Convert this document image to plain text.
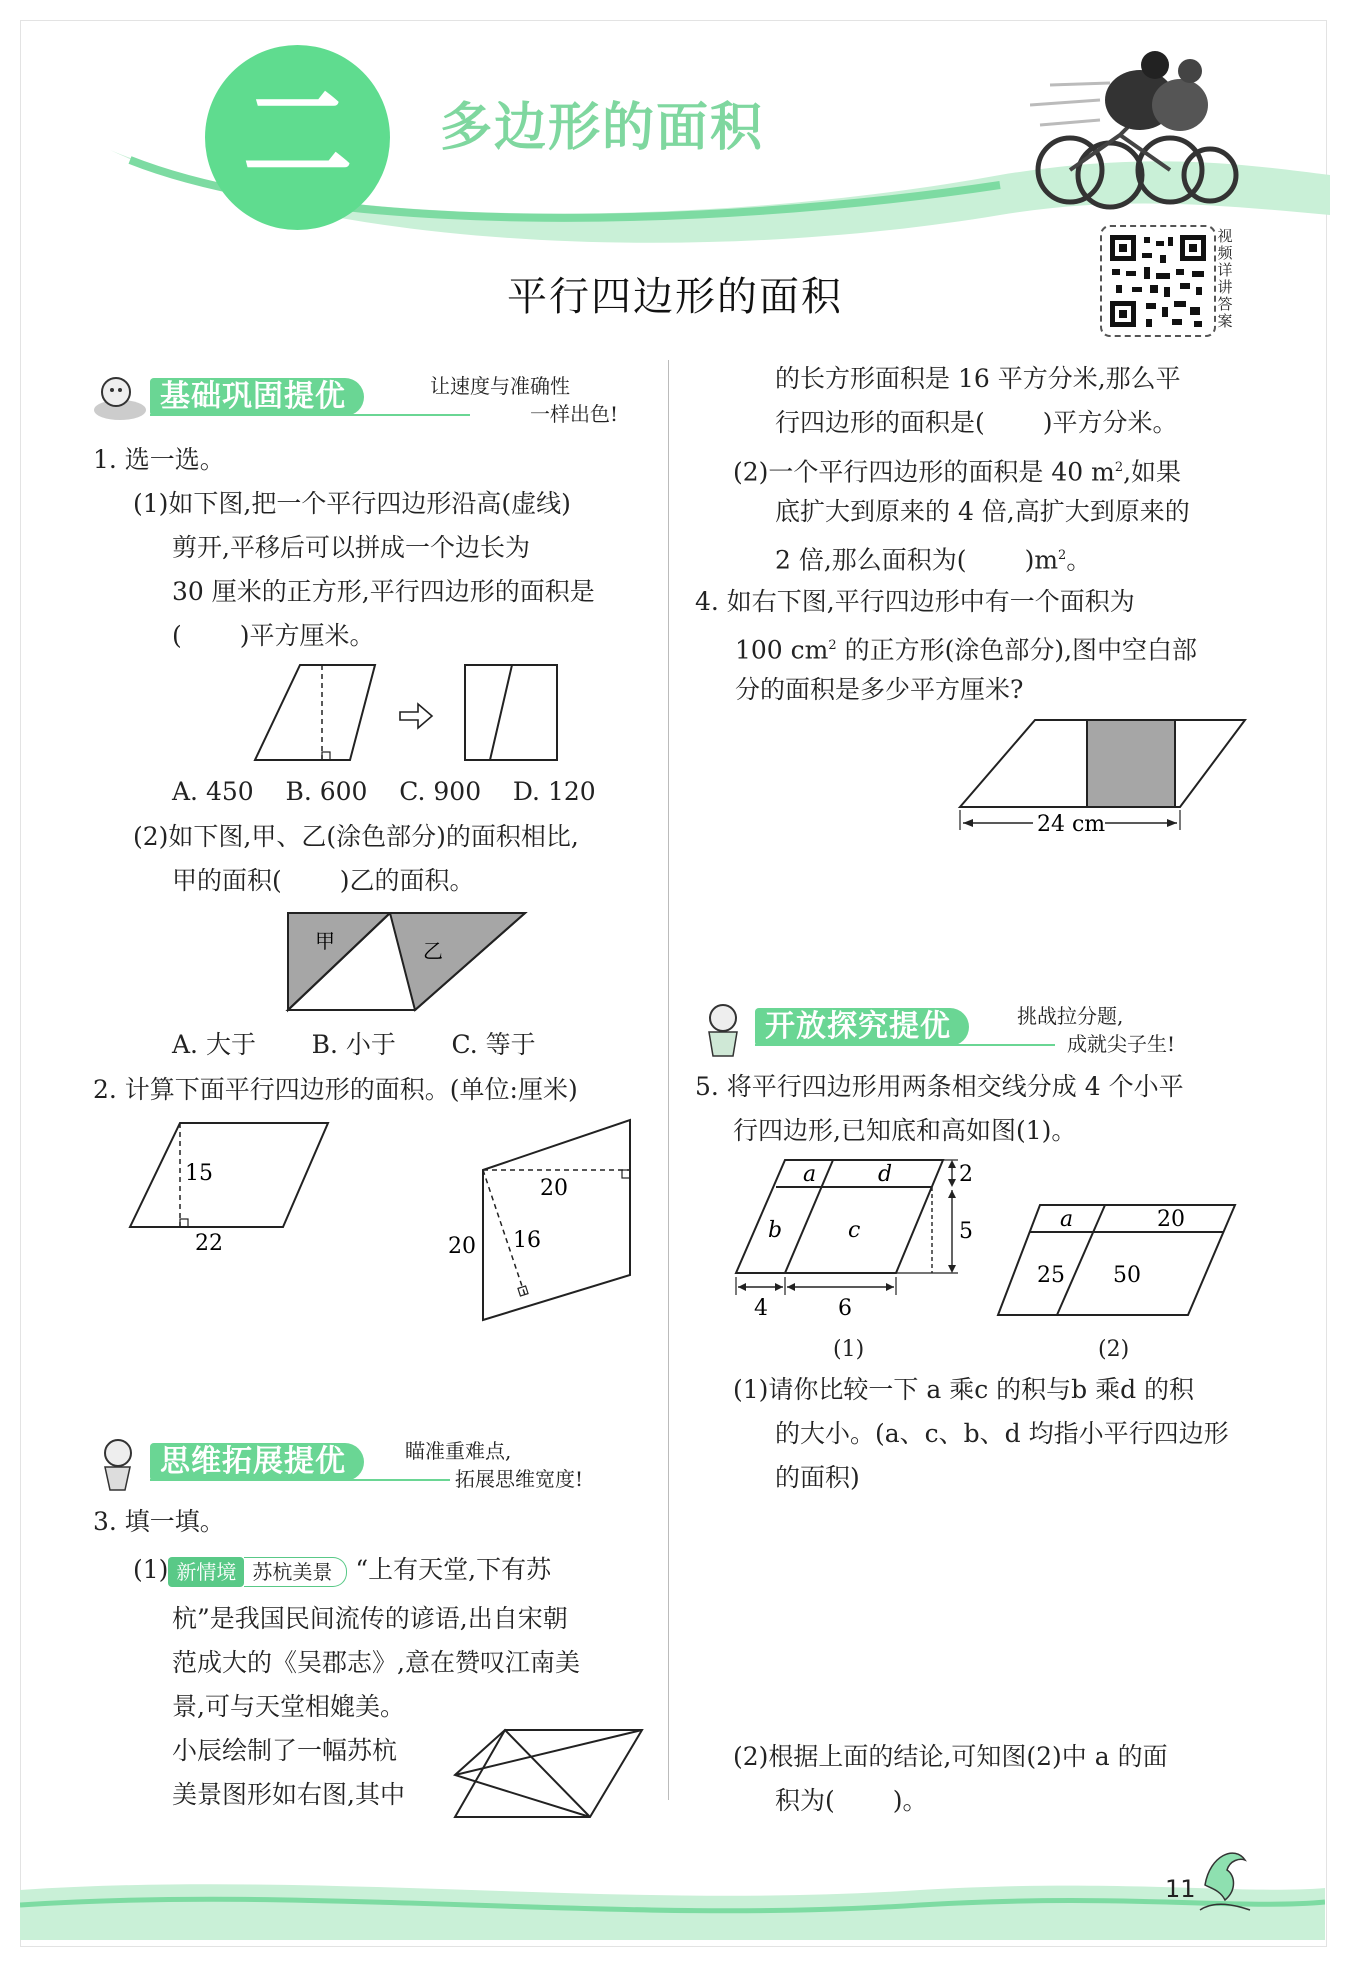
二	多边形的面积
视频详讲答案
平行四边形的面积
基础巩固提优	让速度与准确性
一样出色!
1. 选一选。
(1)如下图,把一个平行四边形沿高(虚线)
剪开,平移后可以拼成一个边长为
30 厘米的正方形,平行四边形的面积是
( )平方厘米。
A. 450 B. 600 C. 900 D. 120
(2)如下图,甲、乙(涂色部分)的面积相比,
甲的面积( )乙的面积。
甲	乙
A. 大于 B. 小于 C. 等于
2. 计算下面平行四边形的面积。(单位:厘米)
15
22
20
20 16
思维拓展提优	瞄准重难点,
拓展思维宽度!
3. 填一填。
(1) 新情境 苏杭美景 “上有天堂,下有苏
杭”是我国民间流传的谚语,出自宋朝
范成大的《吴郡志》,意在赞叹江南美
景,可与天堂相媲美。
小辰绘制了一幅苏杭
美景图形如右图,其中
的长方形面积是 16 平方分米,那么平
行四边形的面积是( )平方分米。
(2)一个平行四边形的面积是 40 $m^2$,如果
底扩大到原来的 4 倍,高扩大到原来的
2 倍,那么面积为( )$m^2$。
4. 如右下图,平行四边形中有一个面积为
100 $cm^2$ 的正方形(涂色部分),图中空白部
分的面积是多少平方厘米?
24 cm
开放探究提优	挑战拉分题,
成就尖子生!
5. 将平行四边形用两条相交线分成 4 个小平
行四边形,已知底和高如图(1)。
a	d
b	c
2
5
4	6
(1)
a	20
25 50
(2)
(1)请你比较一下 a 乘c 的积与b 乘d 的积
的大小。(a、c、b、d 均指小平行四边形
的面积)
(2)根据上面的结论,可知图(2)中 a 的面
积为( )。
11
